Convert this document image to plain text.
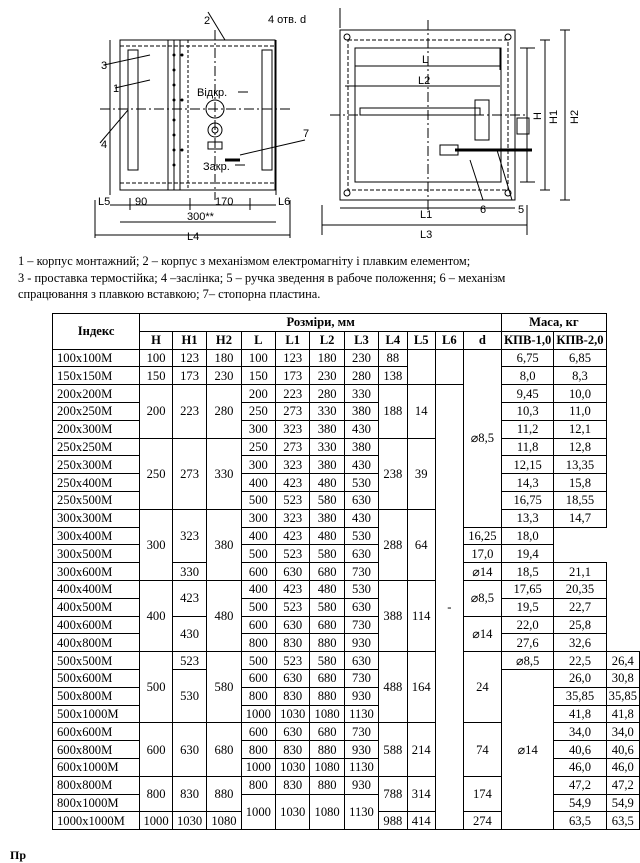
2
3
1
4
7
Відкр.
Закр.
L5 90	170	L6
300**
L4
4 отв. d
L
L2
L1
L3
6	5
H H1 H2
1 – корпус монтажний; 2 – корпус з механізмом електромагніту і плавким елементом;
3 - проставка термостійка; 4 –заслінка; 5 – ручка зведення в рабоче положення; 6 – механізм
спрацювання з плавкою вставкою; 7– стопорна пластина.
Індекс	Розміри, мм											Маса, кг		
	H	H1	H2	L	L1	L2	L3	L4	L5	L6	d	КПВ-1,0	КПВ-2,0	
100x100M	100	123	180	100	123	180	230	88			⌀8,5	6,75	6,85	
150x150M	150	173	230	150	173	230	280	138				8,0	8,3	
200x200M	200	223	280	200	223	280	330	188	14	-		9,45	10,0	
200x250M				250	273	330	380					10,3	11,0	
200x300M				300	323	380	430					11,2	12,1	
250x250M	250	273	330	250	273	330	380	238	39			11,8	12,8	
250x300M				300	323	380	430					12,15	13,35	
250x400M				400	423	480	530					14,3	15,8	
250x500M				500	523	580	630					16,75	18,55	
300x300M	300	323	380	300	323	380	430	288	64			13,3	14,7	
300x400M				400	423	480	530				16,25	18,0		
300x500M				500	523	580	630				17,0	19,4		
300x600M		330		600	630	680	730				⌀14	18,5	21,1	
400x400M	400	423	480	400	423	480	530	388	114		⌀8,5	17,65	20,35	
400x500M				500	523	580	630					19,5	22,7	
400x600M		430		600	630	680	730				⌀14	22,0	25,8	
400x800M				800	830	880	930					27,6	32,6	
500x500M	500	523	580	500	523	580	630	488	164		24	⌀8,5	22,5	26,4
500x600M		530		600	630	680	730					⌀14	26,0	30,8
500x800M				800	830	880	930						35,85	35,85
500x1000M				1000	1030	1080	1130						41,8	41,8
600x600M	600	630	680	600	630	680	730	588	214		74		34,0	34,0
600x800M				800	830	880	930						40,6	40,6
600x1000M				1000	1030	1080	1130						46,0	46,0
800x800M	800	830	880	800	830	880	930	788	314		174		47,2	47,2
800x1000M				1000	1030	1080	1130						54,9	54,9
1000x1000M	1000	1030	1080					988	414		274		63,5	63,5
Пр
